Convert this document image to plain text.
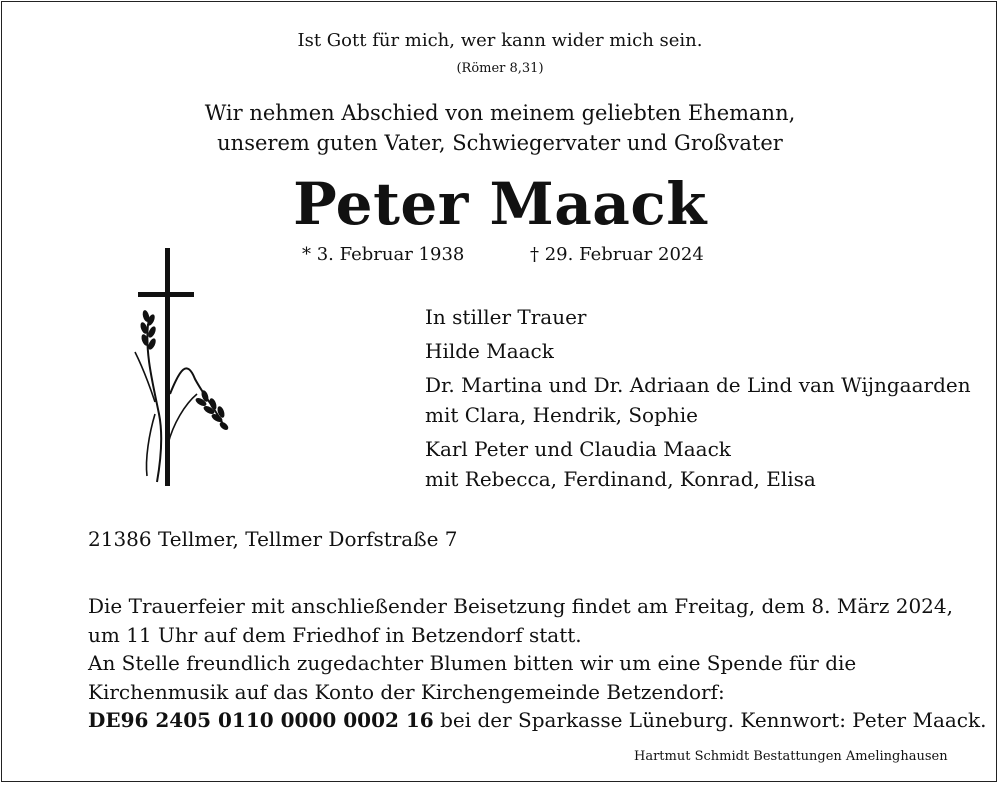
Ist Gott für mich, wer kann wider mich sein.
(Römer 8,31)
Wir nehmen Abschied von meinem geliebten Ehemann,
unserem guten Vater, Schwiegervater und Großvater
Peter Maack
* 3. Februar 1938	† 29. Februar 2024
In stiller Trauer
Hilde Maack
Dr. Martina und Dr. Adriaan de Lind van Wijngaarden
mit Clara, Hendrik, Sophie
Karl Peter und Claudia Maack
mit Rebecca, Ferdinand, Konrad, Elisa
21386 Tellmer, Tellmer Dorfstraße 7
Die Trauerfeier mit anschließender Beisetzung findet am Freitag, dem 8. März 2024,
um 11 Uhr auf dem Friedhof in Betzendorf statt.
An Stelle freundlich zugedachter Blumen bitten wir um eine Spende für die
Kirchenmusik auf das Konto der Kirchengemeinde Betzendorf:
DE96 2405 0110 0000 0002 16 bei der Sparkasse Lüneburg. Kennwort: Peter Maack.
Hartmut Schmidt Bestattungen Amelinghausen
